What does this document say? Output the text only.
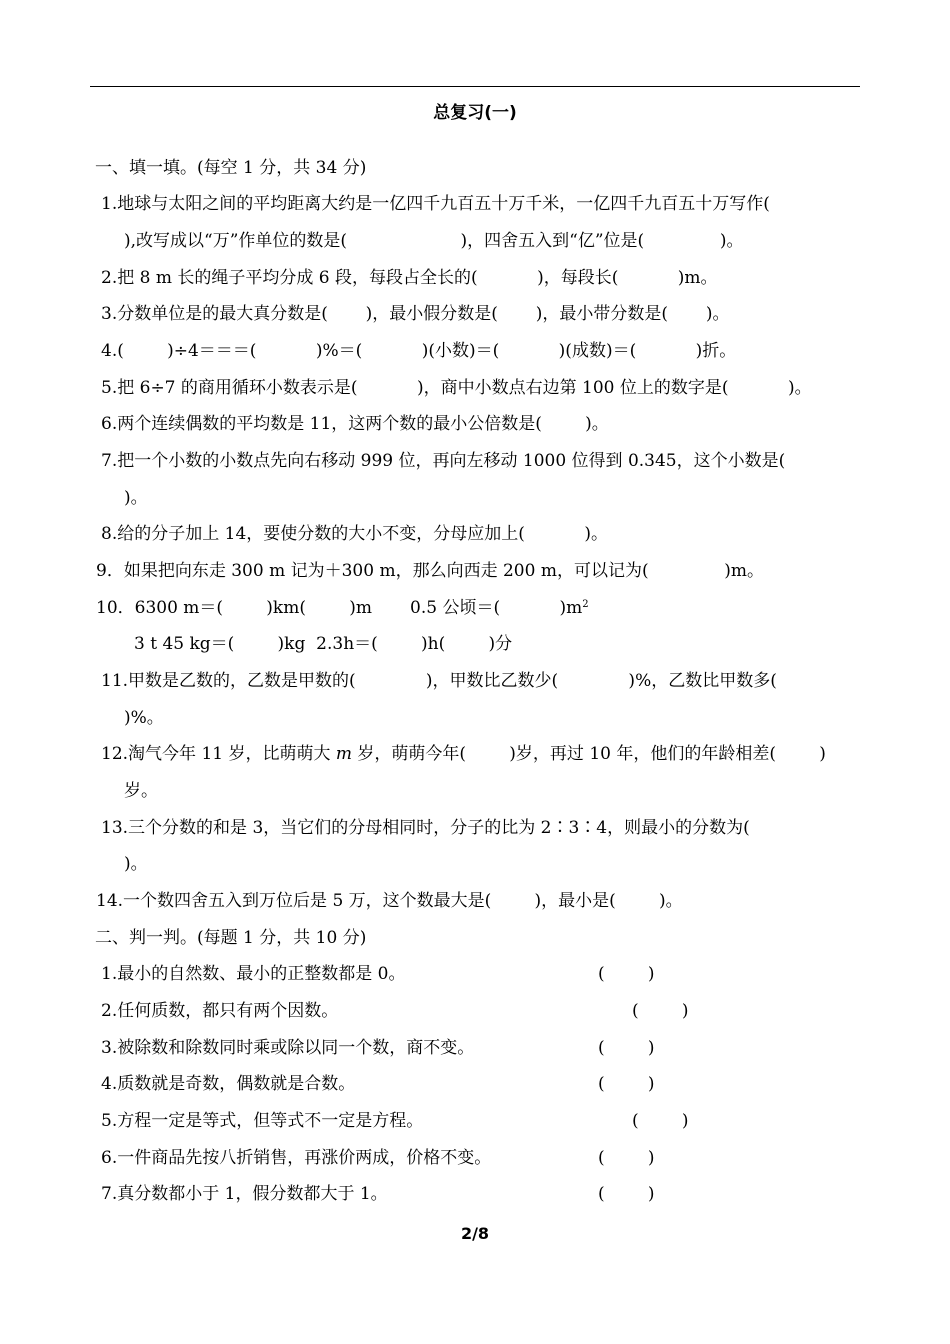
总复习(一)
一、填一填。(每空 1 分，共 34 分)
1.地球与太阳之间的平均距离大约是一亿四千九百五十万千米，一亿四千九百五十万写作(
),改写成以“万”作单位的数是(                     )，四舍五入到“亿”位是(              )。
2.把 8 m 长的绳子平均分成 6 段，每段占全长的(           )，每段长(           )m。
3.分数单位是的最大真分数是(       )，最小假分数是(       )，最小带分数是(       )。
4.(        )÷4＝＝＝(           )%＝(           )(小数)＝(           )(成数)＝(           )折。
5.把 6÷7 的商用循环小数表示是(           )，商中小数点右边第 100 位上的数字是(           )。
6.两个连续偶数的平均数是 11，这两个数的最小公倍数是(        )。
7.把一个小数的小数点先向右移动 999 位，再向左移动 1000 位得到 0.345，这个小数是(
)。
8.给的分子加上 14，要使分数的大小不变，分母应加上(           )。
9．如果把向东走 300 m 记为＋300 m，那么向西走 200 m，可以记为(              )m。
10．6300 m＝(        )km(        )m 0.5 公顷＝(           )$m^2$
3 t 45 kg＝(        )kg  2.3h＝(        )h(        )分
11.甲数是乙数的，乙数是甲数的(             )，甲数比乙数少(             )%，乙数比甲数多(
)%。
12.淘气今年 11 岁，比萌萌大 m 岁，萌萌今年(        )岁，再过 10 年，他们的年龄相差(        )
岁。
13.三个分数的和是 3，当它们的分母相同时，分子的比为 2∶3∶4，则最小的分数为(
)。
14.一个数四舍五入到万位后是 5 万，这个数最大是(        )，最小是(        )。
二、判一判。(每题 1 分，共 10 分)
1.最小的自然数、最小的正整数都是 0。	(        )
2.任何质数，都只有两个因数。	(        )
3.被除数和除数同时乘或除以同一个数，商不变。	(        )
4.质数就是奇数，偶数就是合数。	(        )
5.方程一定是等式，但等式不一定是方程。	(        )
6.一件商品先按八折销售，再涨价两成，价格不变。	(        )
7.真分数都小于 1，假分数都大于 1。	(        )
2/8
